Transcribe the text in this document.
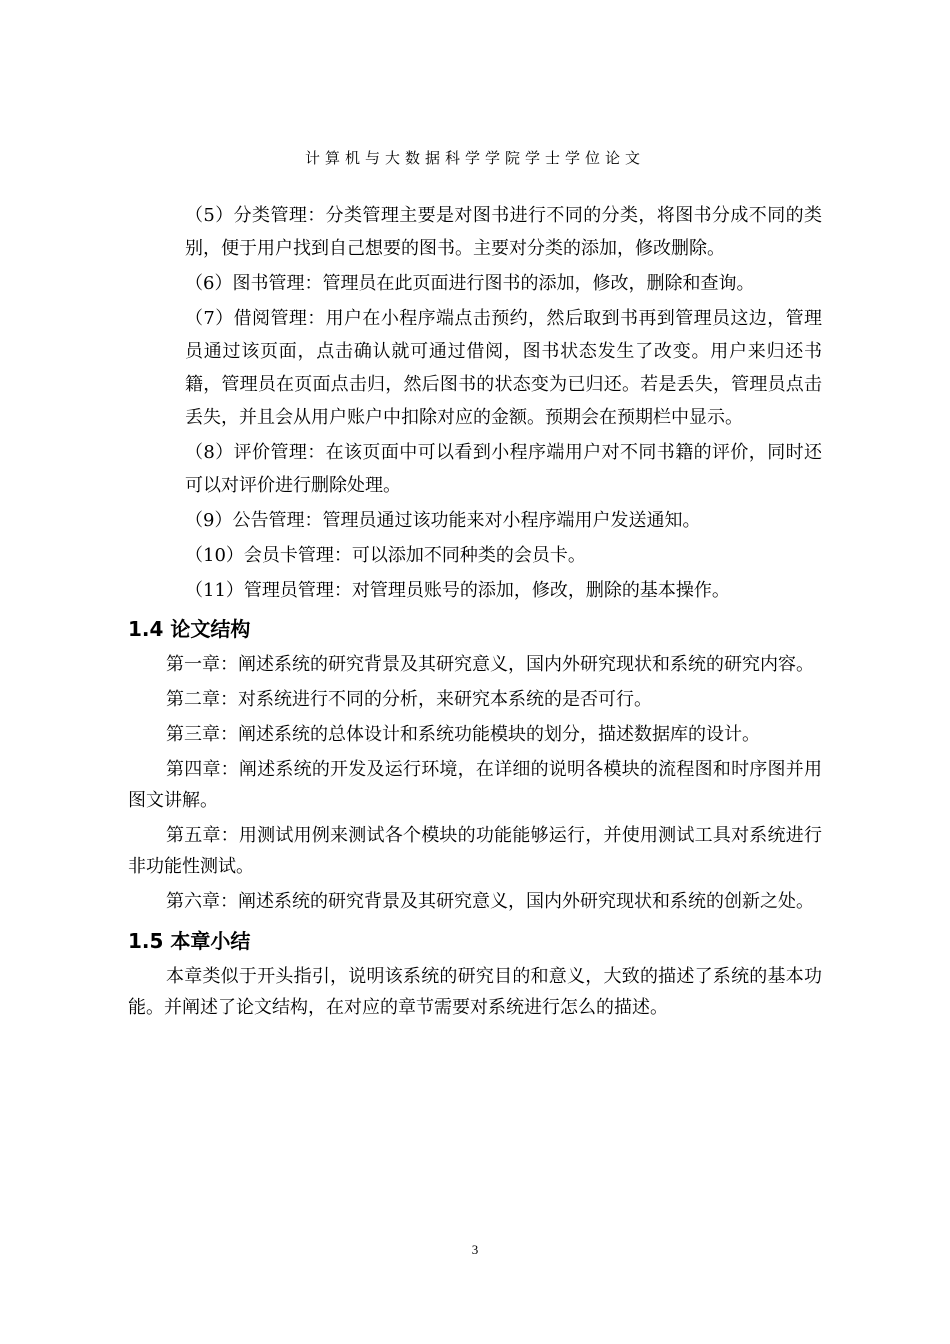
计算机与大数据科学学院学士学位论文
（5）分类管理：分类管理主要是对图书进行不同的分类，将图书分成不同的类别，便于用户找到自己想要的图书。主要对分类的添加，修改删除。
（6）图书管理：管理员在此页面进行图书的添加，修改，删除和查询。
（7）借阅管理：用户在小程序端点击预约，然后取到书再到管理员这边，管理员通过该页面，点击确认就可通过借阅，图书状态发生了改变。用户来归还书籍，管理员在页面点击归，然后图书的状态变为已归还。若是丢失，管理员点击丢失，并且会从用户账户中扣除对应的金额。预期会在预期栏中显示。
（8）评价管理：在该页面中可以看到小程序端用户对不同书籍的评价，同时还可以对评价进行删除处理。
（9）公告管理：管理员通过该功能来对小程序端用户发送通知。
（10）会员卡管理：可以添加不同种类的会员卡。
（11）管理员管理：对管理员账号的添加，修改，删除的基本操作。
1.4 论文结构
第一章：阐述系统的研究背景及其研究意义，国内外研究现状和系统的研究内容。
第二章：对系统进行不同的分析，来研究本系统的是否可行。
第三章：阐述系统的总体设计和系统功能模块的划分，描述数据库的设计。
第四章：阐述系统的开发及运行环境，在详细的说明各模块的流程图和时序图并用图文讲解。
第五章：用测试用例来测试各个模块的功能能够运行，并使用测试工具对系统进行非功能性测试。
第六章：阐述系统的研究背景及其研究意义，国内外研究现状和系统的创新之处。
1.5 本章小结
本章类似于开头指引，说明该系统的研究目的和意义，大致的描述了系统的基本功能。并阐述了论文结构，在对应的章节需要对系统进行怎么的描述。
3
